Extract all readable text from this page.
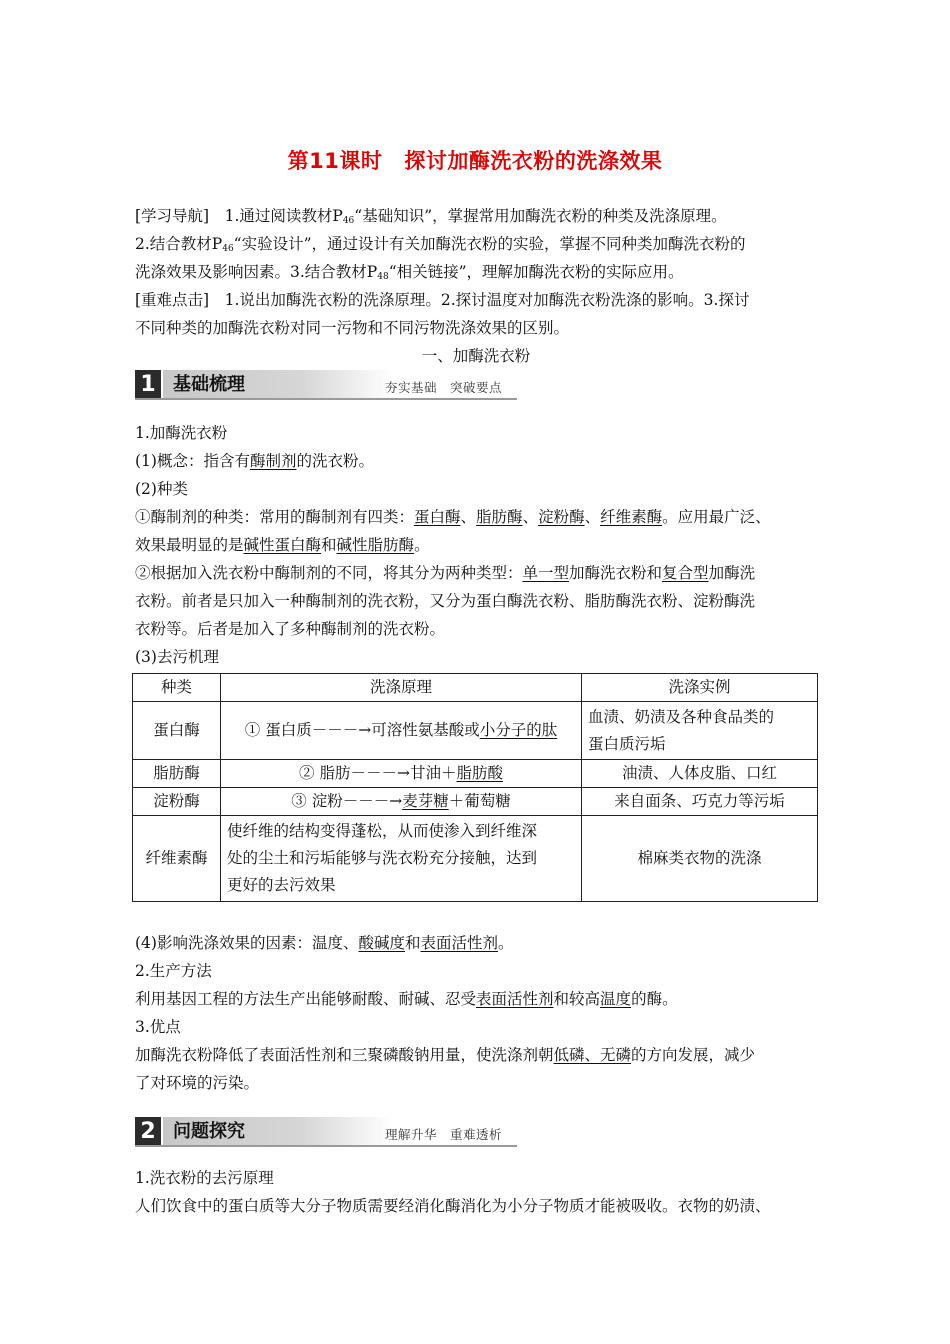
第11课时 探讨加酶洗衣粉的洗涤效果
[学习导航]　1.通过阅读教材$P_{46}“$基础知识”，掌握常用加酶洗衣粉的种类及洗涤原理。
2.结合教材$P_{46}“$实验设计”，通过设计有关加酶洗衣粉的实验，掌握不同种类加酶洗衣粉的
洗涤效果及影响因素。3.结合教材$P_{48}“$相关链接”，理解加酶洗衣粉的实际应用。
[重难点击]　1.说出加酶洗衣粉的洗涤原理。2.探讨温度对加酶洗衣粉洗涤的影响。3.探讨
不同种类的加酶洗衣粉对同一污物和不同污物洗涤效果的区别。
一、加酶洗衣粉
1 基础梳理	夯实基础　突破要点
1.加酶洗衣粉
(1)概念：指含有酶制剂的洗衣粉。
(2)种类
①酶制剂的种类：常用的酶制剂有四类：蛋白酶、脂肪酶、淀粉酶、纤维素酶。应用最广泛、
效果最明显的是碱性蛋白酶和碱性脂肪酶。
②根据加入洗衣粉中酶制剂的不同，将其分为两种类型：单一型加酶洗衣粉和复合型加酶洗
衣粉。前者是只加入一种酶制剂的洗衣粉，又分为蛋白酶洗衣粉、脂肪酶洗衣粉、淀粉酶洗
衣粉等。后者是加入了多种酶制剂的洗衣粉。
(3)去污机理
种类	洗涤原理	洗涤实例
蛋白酶	① 蛋白质－－－→可溶性氨基酸或小分子的肽	血渍、奶渍及各种食品类的
蛋白质污垢

脂肪酶	② 脂肪－－－→甘油＋脂肪酸	油渍、人体皮脂、口红
淀粉酶	③ 淀粉－－－→麦芽糖＋葡萄糖	来自面条、巧克力等污垢
纤维素酶	使纤维的结构变得蓬松，从而使渗入到纤维深
处的尘土和污垢能够与洗衣粉充分接触，达到
更好的去污效果	棉麻类衣物的洗涤
(4)影响洗涤效果的因素：温度、酸碱度和表面活性剂。
2.生产方法
利用基因工程的方法生产出能够耐酸、耐碱、忍受表面活性剂和较高温度的酶。
3.优点
加酶洗衣粉降低了表面活性剂和三聚磷酸钠用量，使洗涤剂朝低磷、无磷的方向发展，减少
了对环境的污染。
2 问题探究	理解升华　重难透析
1.洗衣粉的去污原理
人们饮食中的蛋白质等大分子物质需要经消化酶消化为小分子物质才能被吸收。衣物的奶渍、
